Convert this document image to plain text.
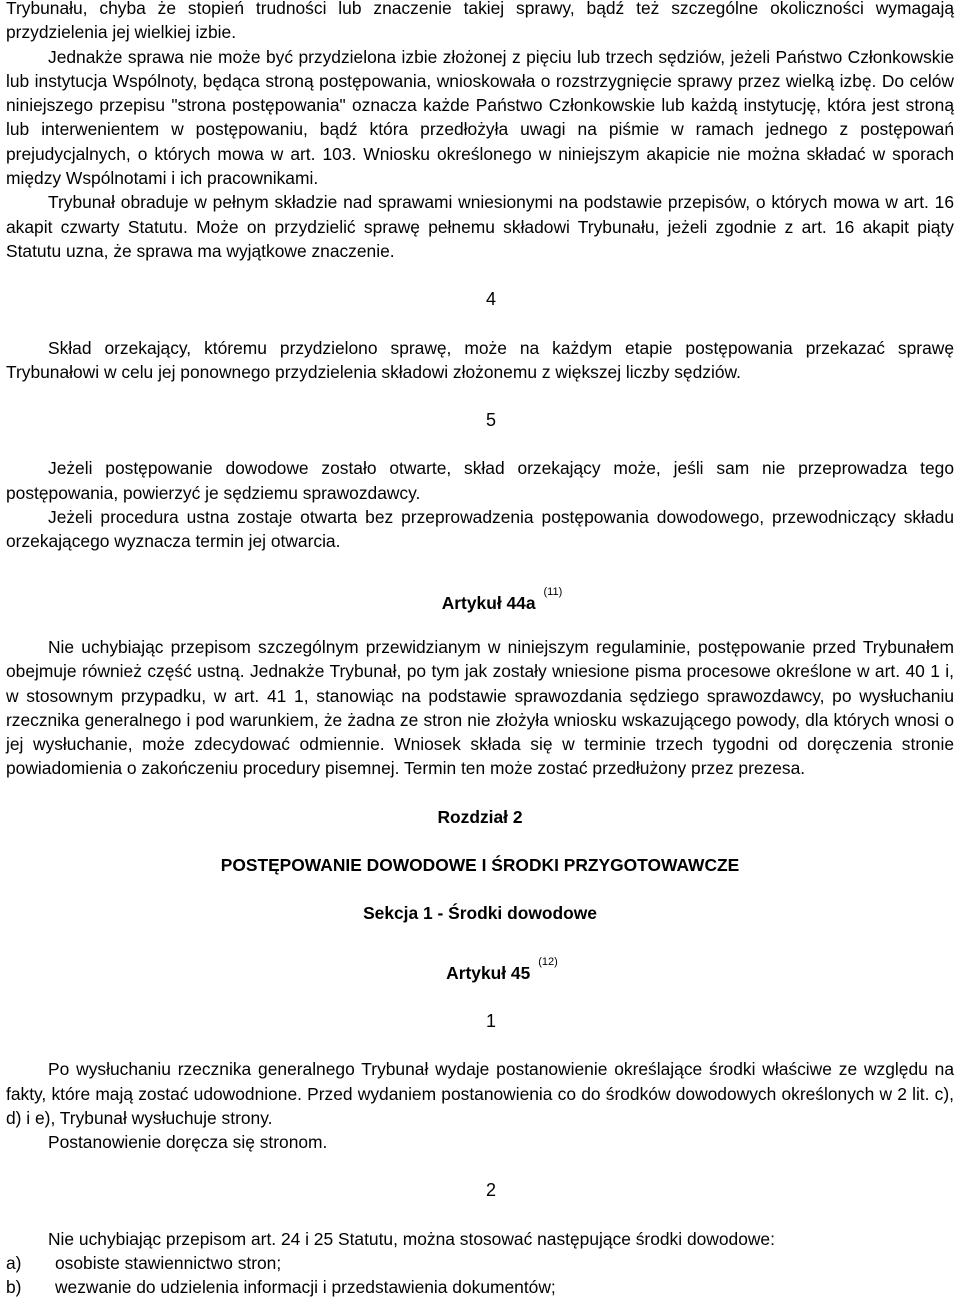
Trybunału, chyba że stopień trudności lub znaczenie takiej sprawy, bądź też szczególne okoliczności wymagają przydzielenia jej wielkiej izbie.

Jednakże sprawa nie może być przydzielona izbie złożonej z pięciu lub trzech sędziów, jeżeli Państwo Członkowskie lub instytucja Wspólnoty, będąca stroną postępowania, wnioskowała o rozstrzygnięcie sprawy przez wielką izbę. Do celów niniejszego przepisu "strona postępowania" oznacza każde Państwo Członkowskie lub każdą instytucję, która jest stroną lub interwenientem w postępowaniu, bądź która przedłożyła uwagi na piśmie w ramach jednego z postępowań prejudycjalnych, o których mowa w art. 103. Wniosku określonego w niniejszym akapicie nie można składać w sporach między Wspólnotami i ich pracownikami.

Trybunał obraduje w pełnym składzie nad sprawami wniesionymi na podstawie przepisów, o których mowa w art. 16 akapit czwarty Statutu. Może on przydzielić sprawę pełnemu składowi Trybunału, jeżeli zgodnie z art. 16 akapit piąty Statutu uzna, że sprawa ma wyjątkowe znaczenie.

4

Skład orzekający, któremu przydzielono sprawę, może na każdym etapie postępowania przekazać sprawę Trybunałowi w celu jej ponownego przydzielenia składowi złożonemu z większej liczby sędziów.

5

Jeżeli postępowanie dowodowe zostało otwarte, skład orzekający może, jeśli sam nie przeprowadza tego postępowania, powierzyć je sędziemu sprawozdawcy.

Jeżeli procedura ustna zostaje otwarta bez przeprowadzenia postępowania dowodowego, przewodniczący składu orzekającego wyznacza termin jej otwarcia.

Artykuł 44a$^{(11)}$

Nie uchybiając przepisom szczególnym przewidzianym w niniejszym regulaminie, postępowanie przed Trybunałem obejmuje również część ustną. Jednakże Trybunał, po tym jak zostały wniesione pisma procesowe określone w art. 40 1 i, w stosownym przypadku, w art. 41 1, stanowiąc na podstawie sprawozdania sędziego sprawozdawcy, po wysłuchaniu rzecznika generalnego i pod warunkiem, że żadna ze stron nie złożyła wniosku wskazującego powody, dla których wnosi o jej wysłuchanie, może zdecydować odmiennie. Wniosek składa się w terminie trzech tygodni od doręczenia stronie powiadomienia o zakończeniu procedury pisemnej. Termin ten może zostać przedłużony przez prezesa.

Rozdział 2

POSTĘPOWANIE DOWODOWE I ŚRODKI PRZYGOTOWAWCZE

Sekcja 1 - Środki dowodowe

Artykuł 45$^{(12)}$

1

Po wysłuchaniu rzecznika generalnego Trybunał wydaje postanowienie określające środki właściwe ze względu na fakty, które mają zostać udowodnione. Przed wydaniem postanowienia co do środków dowodowych określonych w 2 lit. c), d) i e), Trybunał wysłuchuje strony.

Postanowienie doręcza się stronom.

2

Nie uchybiając przepisom art. 24 i 25 Statutu, można stosować następujące środki dowodowe:

a)	osobiste stawiennictwo stron;
b)	wezwanie do udzielenia informacji i przedstawienia dokumentów;
